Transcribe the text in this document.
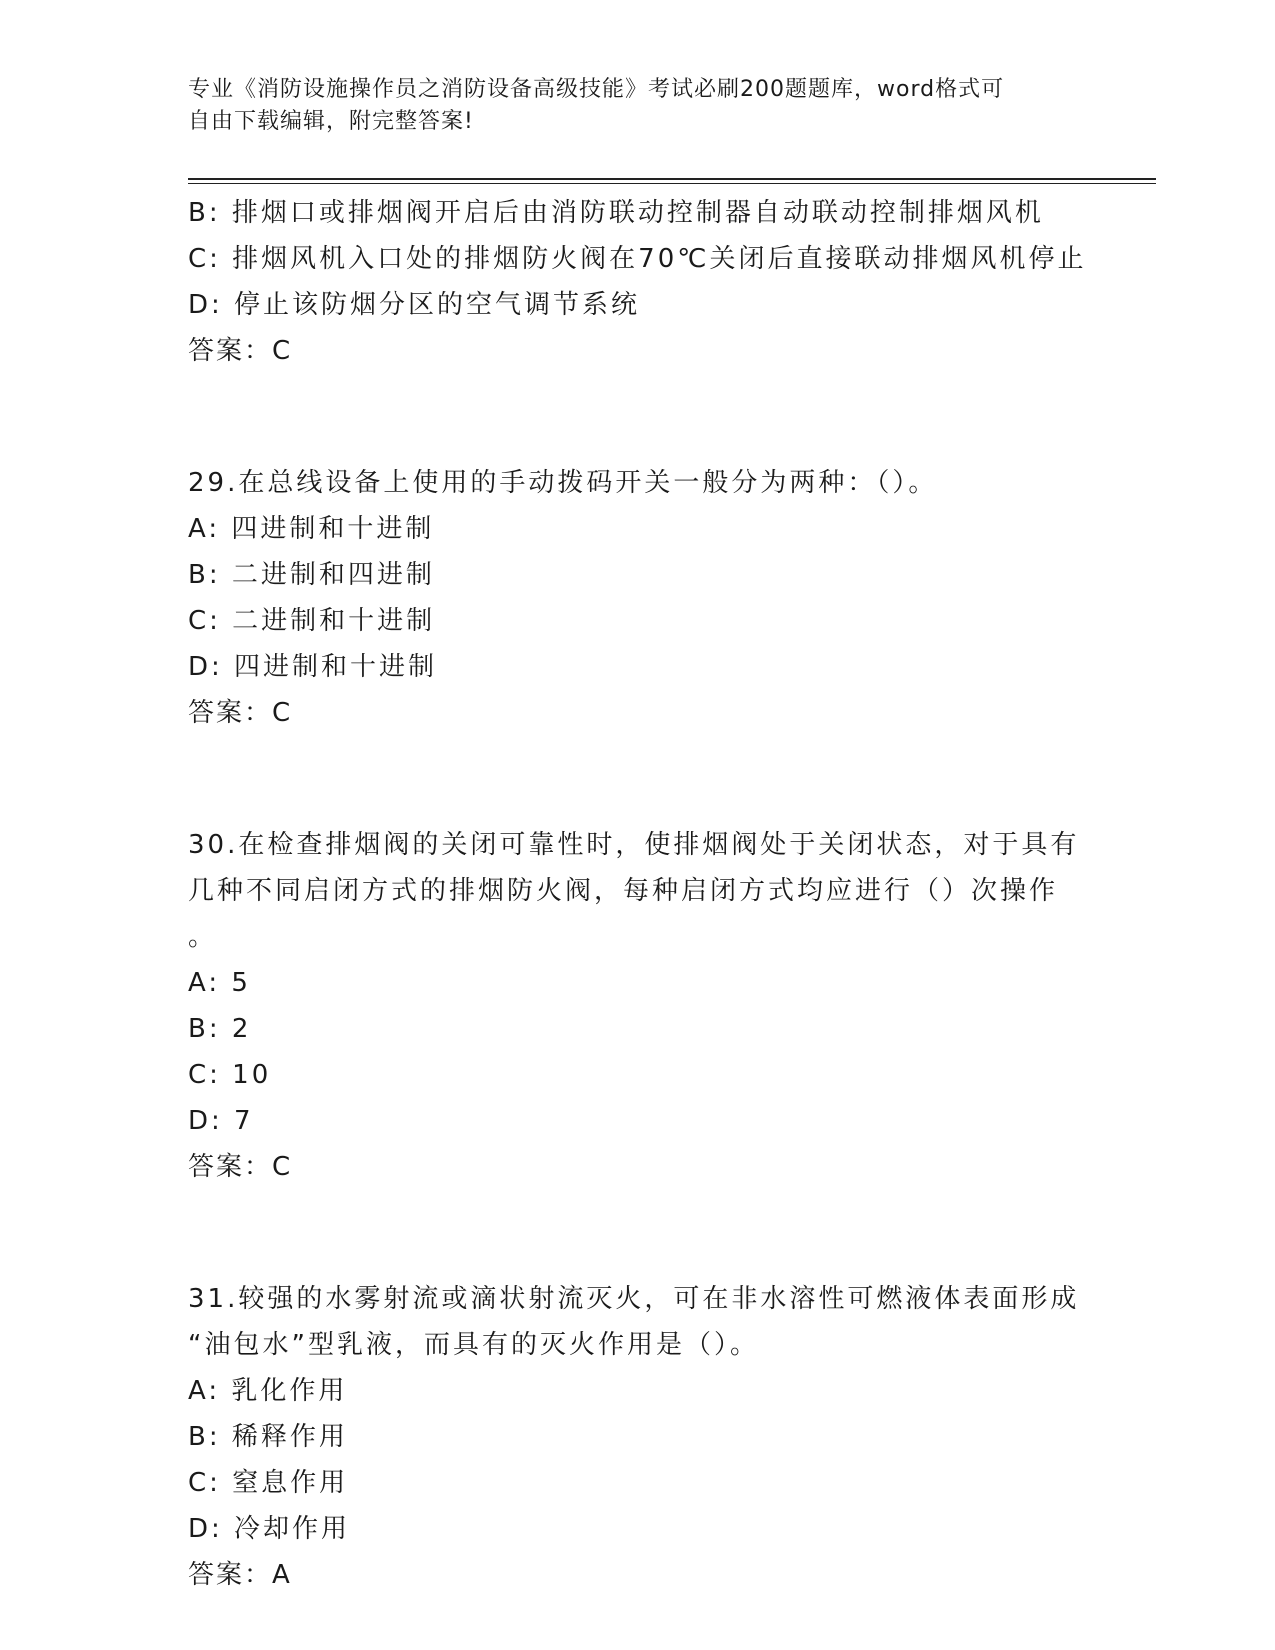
专业《消防设施操作员之消防设备高级技能》考试必刷200题题库，word格式可
自由下载编辑，附完整答案!
B: 排烟口或排烟阀开启后由消防联动控制器自动联动控制排烟风机
C: 排烟风机入口处的排烟防火阀在70℃关闭后直接联动排烟风机停止
D: 停止该防烟分区的空气调节系统
答案：C
29.在总线设备上使用的手动拨码开关一般分为两种：（）。
A: 四进制和十进制
B: 二进制和四进制
C: 二进制和十进制
D: 四进制和十进制
答案：C
30.在检查排烟阀的关闭可靠性时，使排烟阀处于关闭状态，对于具有
几种不同启闭方式的排烟防火阀，每种启闭方式均应进行（）次操作
。
A: 5
B: 2
C: 10
D: 7
答案：C
31.较强的水雾射流或滴状射流灭火，可在非水溶性可燃液体表面形成
“油包水”型乳液，而具有的灭火作用是（）。
A: 乳化作用
B: 稀释作用
C: 窒息作用
D: 冷却作用
答案：A
